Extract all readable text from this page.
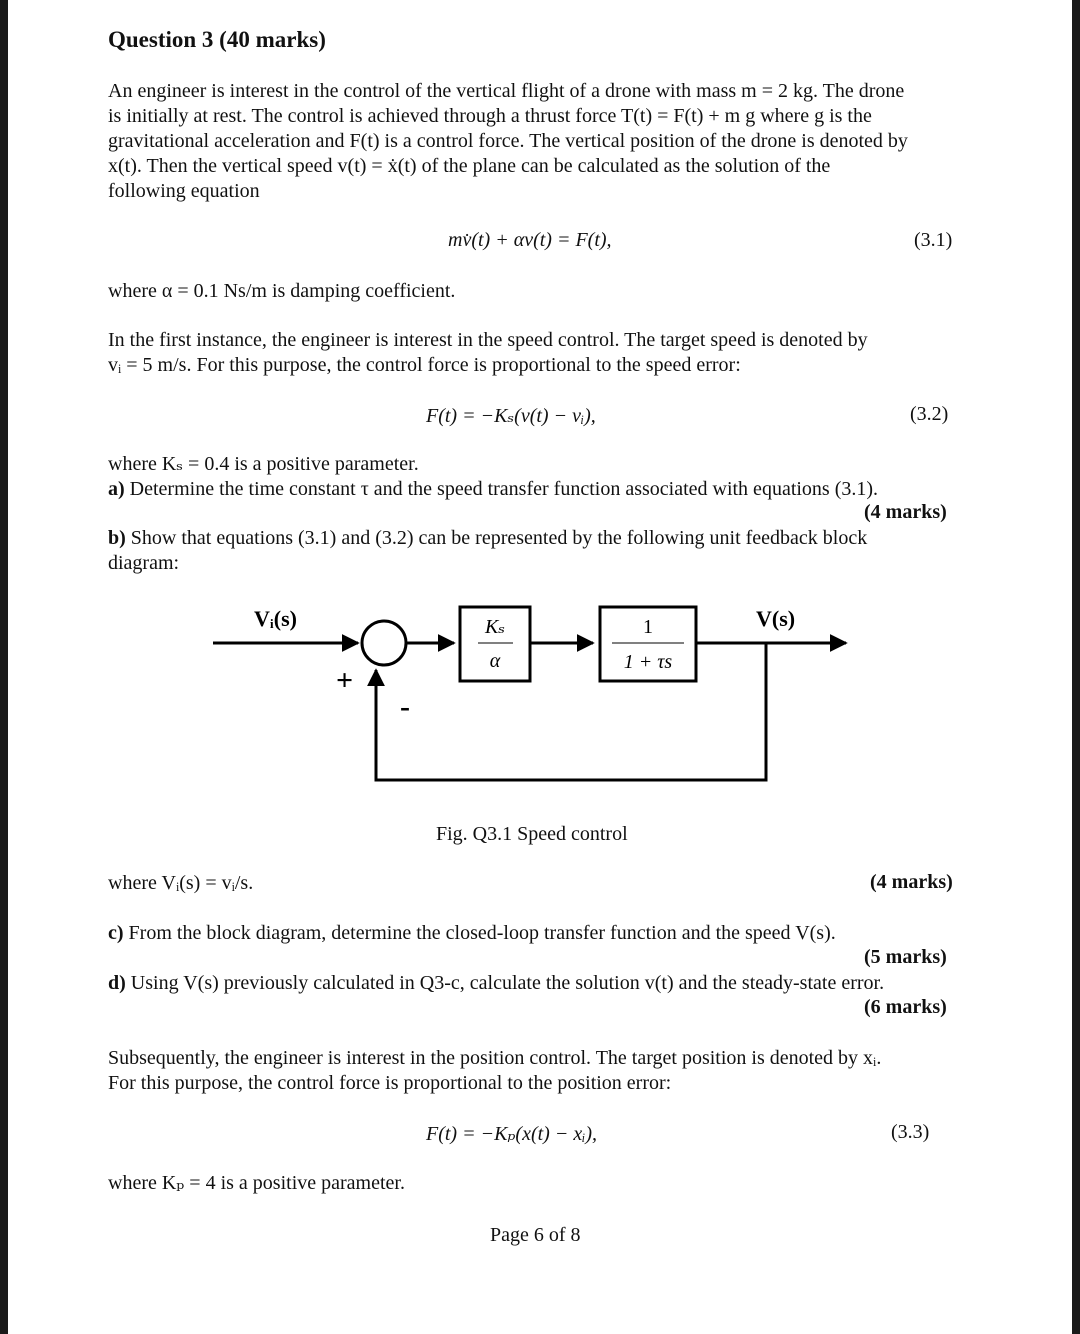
Question 3 (40 marks)
An engineer is interest in the control of the vertical flight of a drone with mass m = 2 kg. The drone
is initially at rest. The control is achieved through a thrust force T(t) = F(t) + m g where g is the
gravitational acceleration and F(t) is a control force. The vertical position of the drone is denoted by
x(t). Then the vertical speed v(t) = ẋ(t) of the plane can be calculated as the solution of the
following equation
mv̇(t) + αv(t) = F(t),	(3.1)
where α = 0.1 Ns/m is damping coefficient.
In the first instance, the engineer is interest in the speed control. The target speed is denoted by
vᵢ = 5 m/s. For this purpose, the control force is proportional to the speed error:
F(t) = −Kₛ(v(t) − vᵢ),	(3.2)
where Kₛ = 0.4 is a positive parameter.
a) Determine the time constant τ and the speed transfer function associated with equations (3.1).
(4 marks)
b) Show that equations (3.1) and (3.2) can be represented by the following unit feedback block
diagram:
Kₛ
α
1
1 + τs
Vᵢ(s)	V(s)
+
-
Fig. Q3.1 Speed control
where Vᵢ(s) = vᵢ/s.	(4 marks)
c) From the block diagram, determine the closed-loop transfer function and the speed V(s).
(5 marks)
d) Using V(s) previously calculated in Q3-c, calculate the solution v(t) and the steady-state error.
(6 marks)
Subsequently, the engineer is interest in the position control. The target position is denoted by xᵢ.
For this purpose, the control force is proportional to the position error:
F(t) = −Kₚ(x(t) − xᵢ),	(3.3)
where Kₚ = 4 is a positive parameter.
Page 6 of 8
